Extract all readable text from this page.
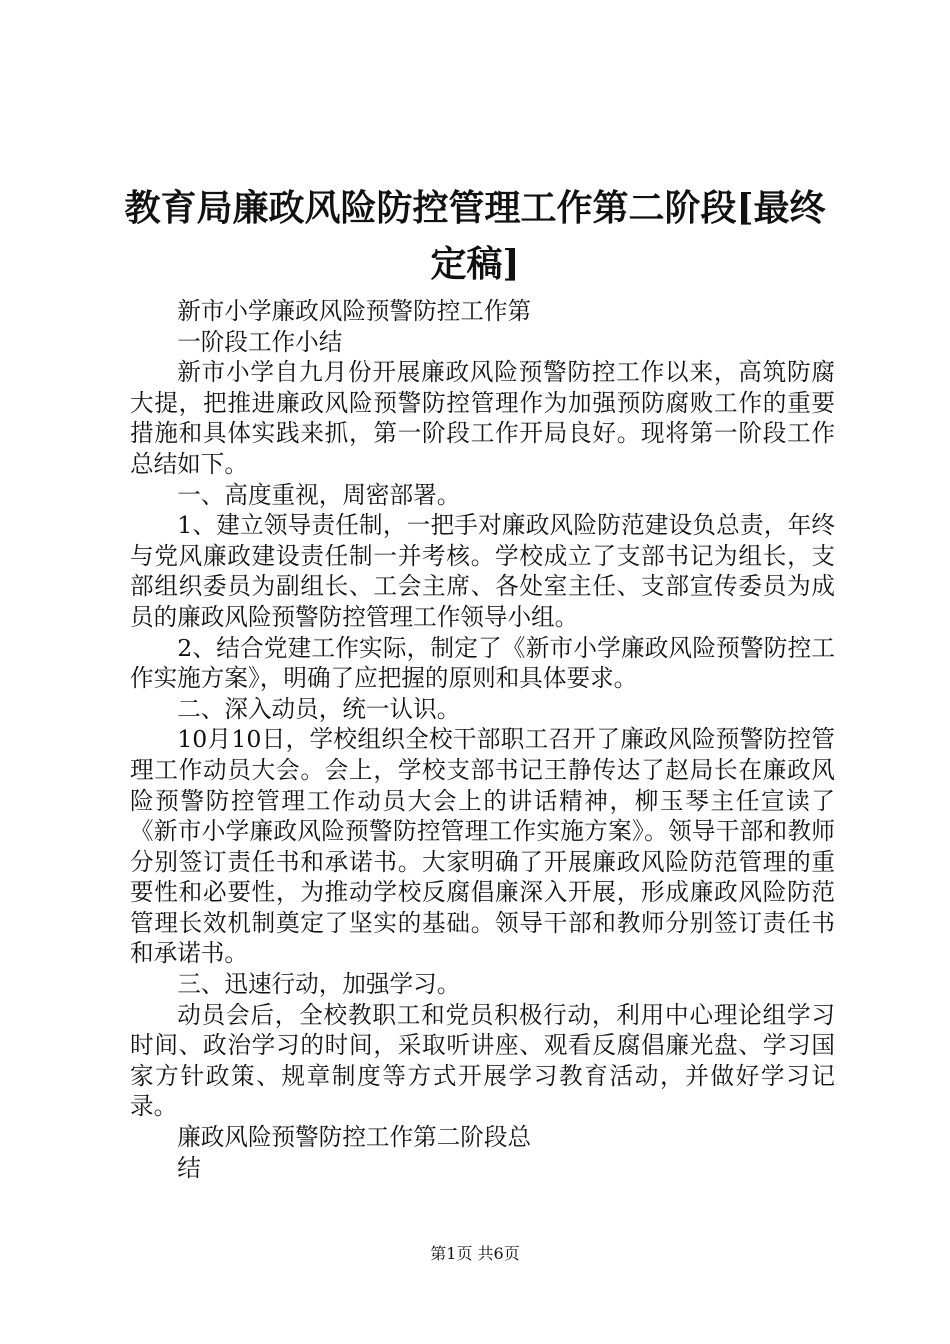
教育局廉政风险防控管理工作第二阶段[最终
定稿]

新市小学廉政风险预警防控工作第

一阶段工作小结

新市小学自九月份开展廉政风险预警防控工作以来，高筑防腐大提，把推进廉政风险预警防控管理作为加强预防腐败工作的重要措施和具体实践来抓，第一阶段工作开局良好。现将第一阶段工作总结如下。

一、高度重视，周密部署。

1、建立领导责任制，一把手对廉政风险防范建设负总责，年终与党风廉政建设责任制一并考核。学校成立了支部书记为组长，支部组织委员为副组长、工会主席、各处室主任、支部宣传委员为成员的廉政风险预警防控管理工作领导小组。

2、结合党建工作实际，制定了《新市小学廉政风险预警防控工作实施方案》，明确了应把握的原则和具体要求。

二、深入动员，统一认识。

10月10日，学校组织全校干部职工召开了廉政风险预警防控管理工作动员大会。会上，学校支部书记王静传达了赵局长在廉政风险预警防控管理工作动员大会上的讲话精神，柳玉琴主任宣读了《新市小学廉政风险预警防控管理工作实施方案》。领导干部和教师分别签订责任书和承诺书。大家明确了开展廉政风险防范管理的重要性和必要性，为推动学校反腐倡廉深入开展，形成廉政风险防范管理长效机制奠定了坚实的基础。领导干部和教师分别签订责任书和承诺书。

三、迅速行动，加强学习。

动员会后，全校教职工和党员积极行动，利用中心理论组学习时间、政治学习的时间，采取听讲座、观看反腐倡廉光盘、学习国家方针政策、规章制度等方式开展学习教育活动，并做好学习记录。

廉政风险预警防控工作第二阶段总

结

第1页 共6页
